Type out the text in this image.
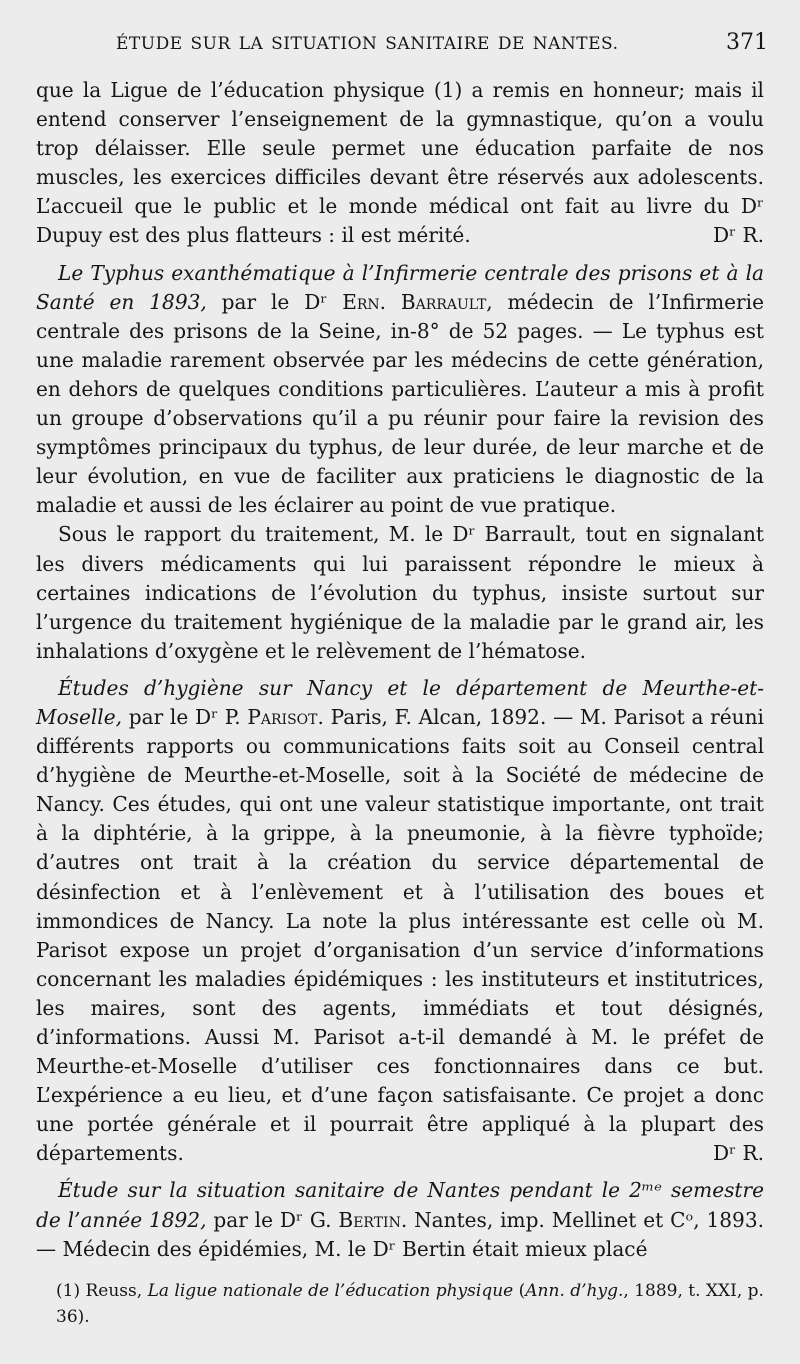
ÉTUDE SUR LA SITUATION SANITAIRE DE NANTES.	371

que la Ligue de l’éducation physique (1) a remis en honneur; mais il entend conserver l’enseignement de la gymnastique, qu’on a voulu trop délaisser. Elle seule permet une éducation parfaite de nos muscles, les exercices difficiles devant être réservés aux adolescents. L’accueil que le public et le monde médical ont fait au livre du Dʳ Dupuy est des plus flatteurs : il est mérité.	Dʳ R.

Le Typhus exanthématique à l’Infirmerie centrale des prisons et à la Santé en 1893, par le Dʳ Ern. Barrault, médecin de l’Infirmerie centrale des prisons de la Seine, in-8° de 52 pages. — Le typhus est une maladie rarement observée par les médecins de cette génération, en dehors de quelques conditions particulières. L’auteur a mis à profit un groupe d’observations qu’il a pu réunir pour faire la revision des symptômes principaux du typhus, de leur durée, de leur marche et de leur évolution, en vue de faciliter aux praticiens le diagnostic de la maladie et aussi de les éclairer au point de vue pratique.

Sous le rapport du traitement, M. le Dʳ Barrault, tout en signalant les divers médicaments qui lui paraissent répondre le mieux à certaines indications de l’évolution du typhus, insiste surtout sur l’urgence du traitement hygiénique de la maladie par le grand air, les inhalations d’oxygène et le relèvement de l’hématose.

Études d’hygiène sur Nancy et le département de Meurthe-et-Moselle, par le Dʳ P. Parisot. Paris, F. Alcan, 1892. — M. Parisot a réuni différents rapports ou communications faits soit au Conseil central d’hygiène de Meurthe-et-Moselle, soit à la Société de médecine de Nancy. Ces études, qui ont une valeur statistique importante, ont trait à la diphtérie, à la grippe, à la pneumonie, à la fièvre typhoïde; d’autres ont trait à la création du service départemental de désinfection et à l’enlèvement et à l’utilisation des boues et immondices de Nancy. La note la plus intéressante est celle où M. Parisot expose un projet d’organisation d’un service d’informations concernant les maladies épidémiques : les instituteurs et institutrices, les maires, sont des agents, immédiats et tout désignés, d’informations. Aussi M. Parisot a-t-il demandé à M. le préfet de Meurthe-et-Moselle d’utiliser ces fonctionnaires dans ce but. L’expérience a eu lieu, et d’une façon satisfaisante. Ce projet a donc une portée générale et il pourrait être appliqué à la plupart des départements.	Dʳ R.

Étude sur la situation sanitaire de Nantes pendant le 2ᵐᵉ semestre de l’année 1892, par le Dʳ G. Bertin. Nantes, imp. Mellinet et Cᵒ, 1893. — Médecin des épidémies, M. le Dʳ Bertin était mieux placé

(1) Reuss, La ligue nationale de l’éducation physique (Ann. d’hyg., 1889, t. XXI, p. 36).
